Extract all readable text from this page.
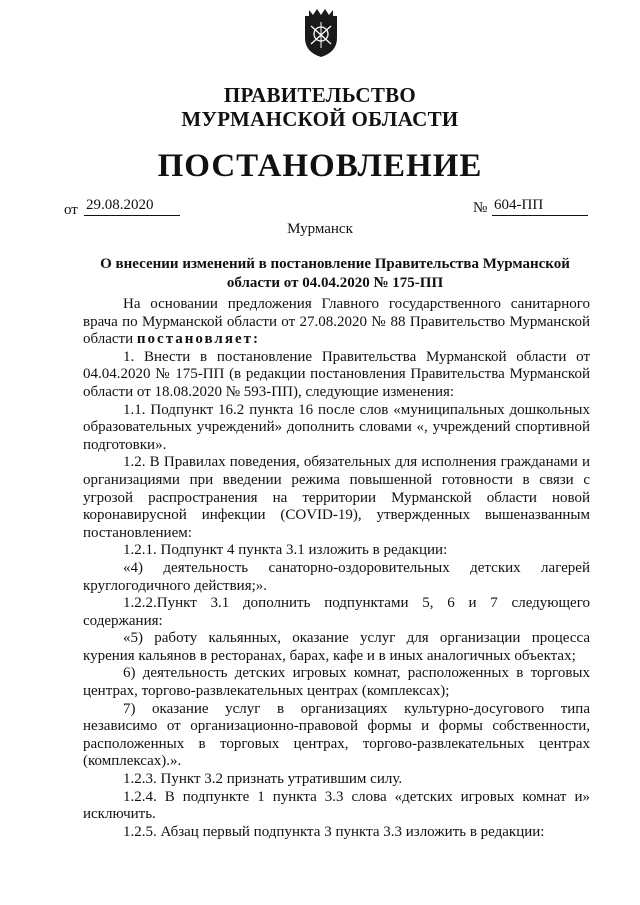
ПРАВИТЕЛЬСТВО
МУРМАНСКОЙ ОБЛАСТИ
ПОСТАНОВЛЕНИЕ
от 29.08.2020	№ 604-ПП
Мурманск
О внесении изменений в постановление Правительства Мурманской
области от 04.04.2020 № 175-ПП

На основании предложения Главного государственного санитарного врача по Мурманской области от 27.08.2020 № 88 Правительство Мурманской области постановляет:

1. Внести в постановление Правительства Мурманской области от 04.04.2020 № 175-ПП (в редакции постановления Правительства Мурманской области от 18.08.2020 № 593-ПП), следующие изменения:

1.1. Подпункт 16.2 пункта 16 после слов «муниципальных дошкольных образовательных учреждений» дополнить словами «, учреждений спортивной подготовки».

1.2. В Правилах поведения, обязательных для исполнения гражданами и организациями при введении режима повышенной готовности в связи с угрозой распространения на территории Мурманской области новой коронавирусной инфекции (COVID-19), утвержденных вышеназванным постановлением:

1.2.1. Подпункт 4 пункта 3.1 изложить в редакции:

«4) деятельность санаторно-оздоровительных детских лагерей круглогодичного действия;».

1.2.2.Пункт 3.1 дополнить подпунктами 5, 6 и 7 следующего содержания:

«5) работу кальянных, оказание услуг для организации процесса курения кальянов в ресторанах, барах, кафе и в иных аналогичных объектах;

6) деятельность детских игровых комнат, расположенных в торговых центрах, торгово-развлекательных центрах (комплексах);

7) оказание услуг в организациях культурно-досугового типа независимо от организационно-правовой формы и формы собственности, расположенных в торговых центрах, торгово-развлекательных центрах (комплексах).».

1.2.3. Пункт 3.2 признать утратившим силу.

1.2.4. В подпункте 1 пункта 3.3 слова «детских игровых комнат и» исключить.

1.2.5. Абзац первый подпункта 3 пункта 3.3 изложить в редакции:
